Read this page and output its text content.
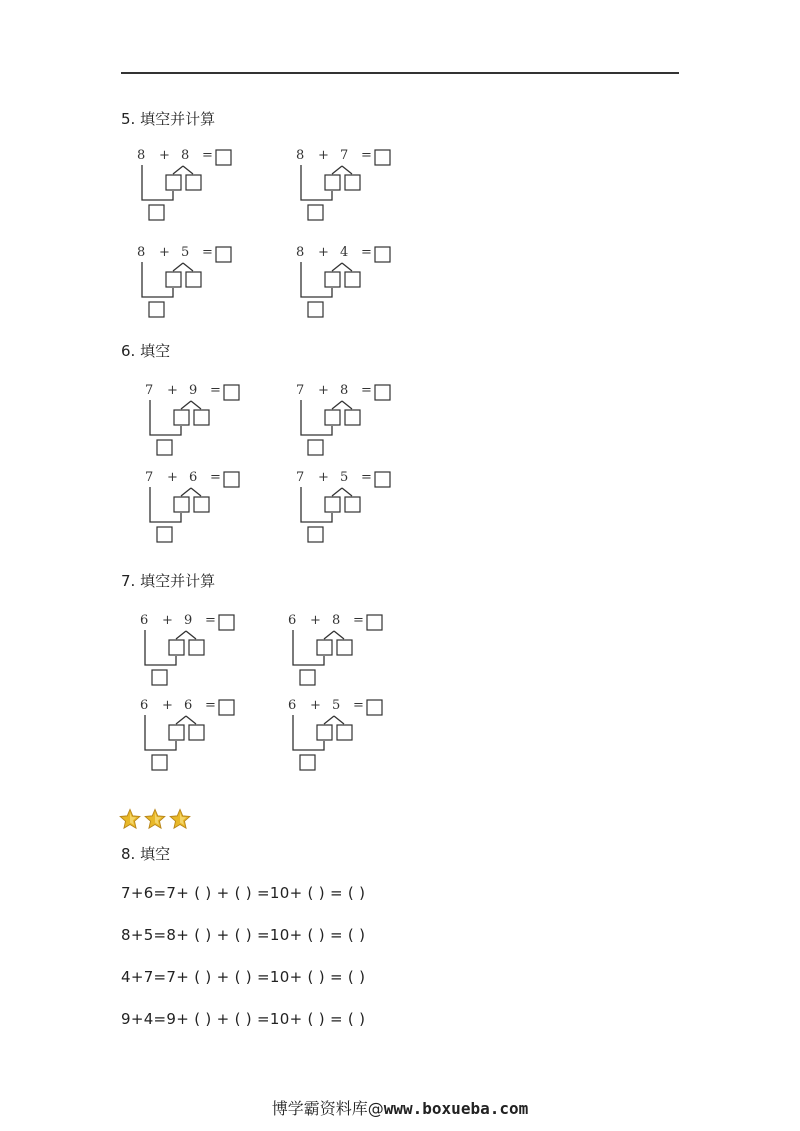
5. 填空并计算
8 + 8 =	8 + 7 =
8 + 5 =	8 + 4 =
6. 填空
7 + 9 =	7 + 8 =
7 + 6 =	7 + 5 =
7. 填空并计算
6 + 9 =	6 + 8 =
6 + 6 =	6 + 5 =
8. 填空
7+6=7+ ( ) + ( ) =10+ ( ) = ( )
8+5=8+ ( ) + ( ) =10+ ( ) = ( )
4+7=7+ ( ) + ( ) =10+ ( ) = ( )
9+4=9+ ( ) + ( ) =10+ ( ) = ( )
博学霸资料库@www.boxueba.com
